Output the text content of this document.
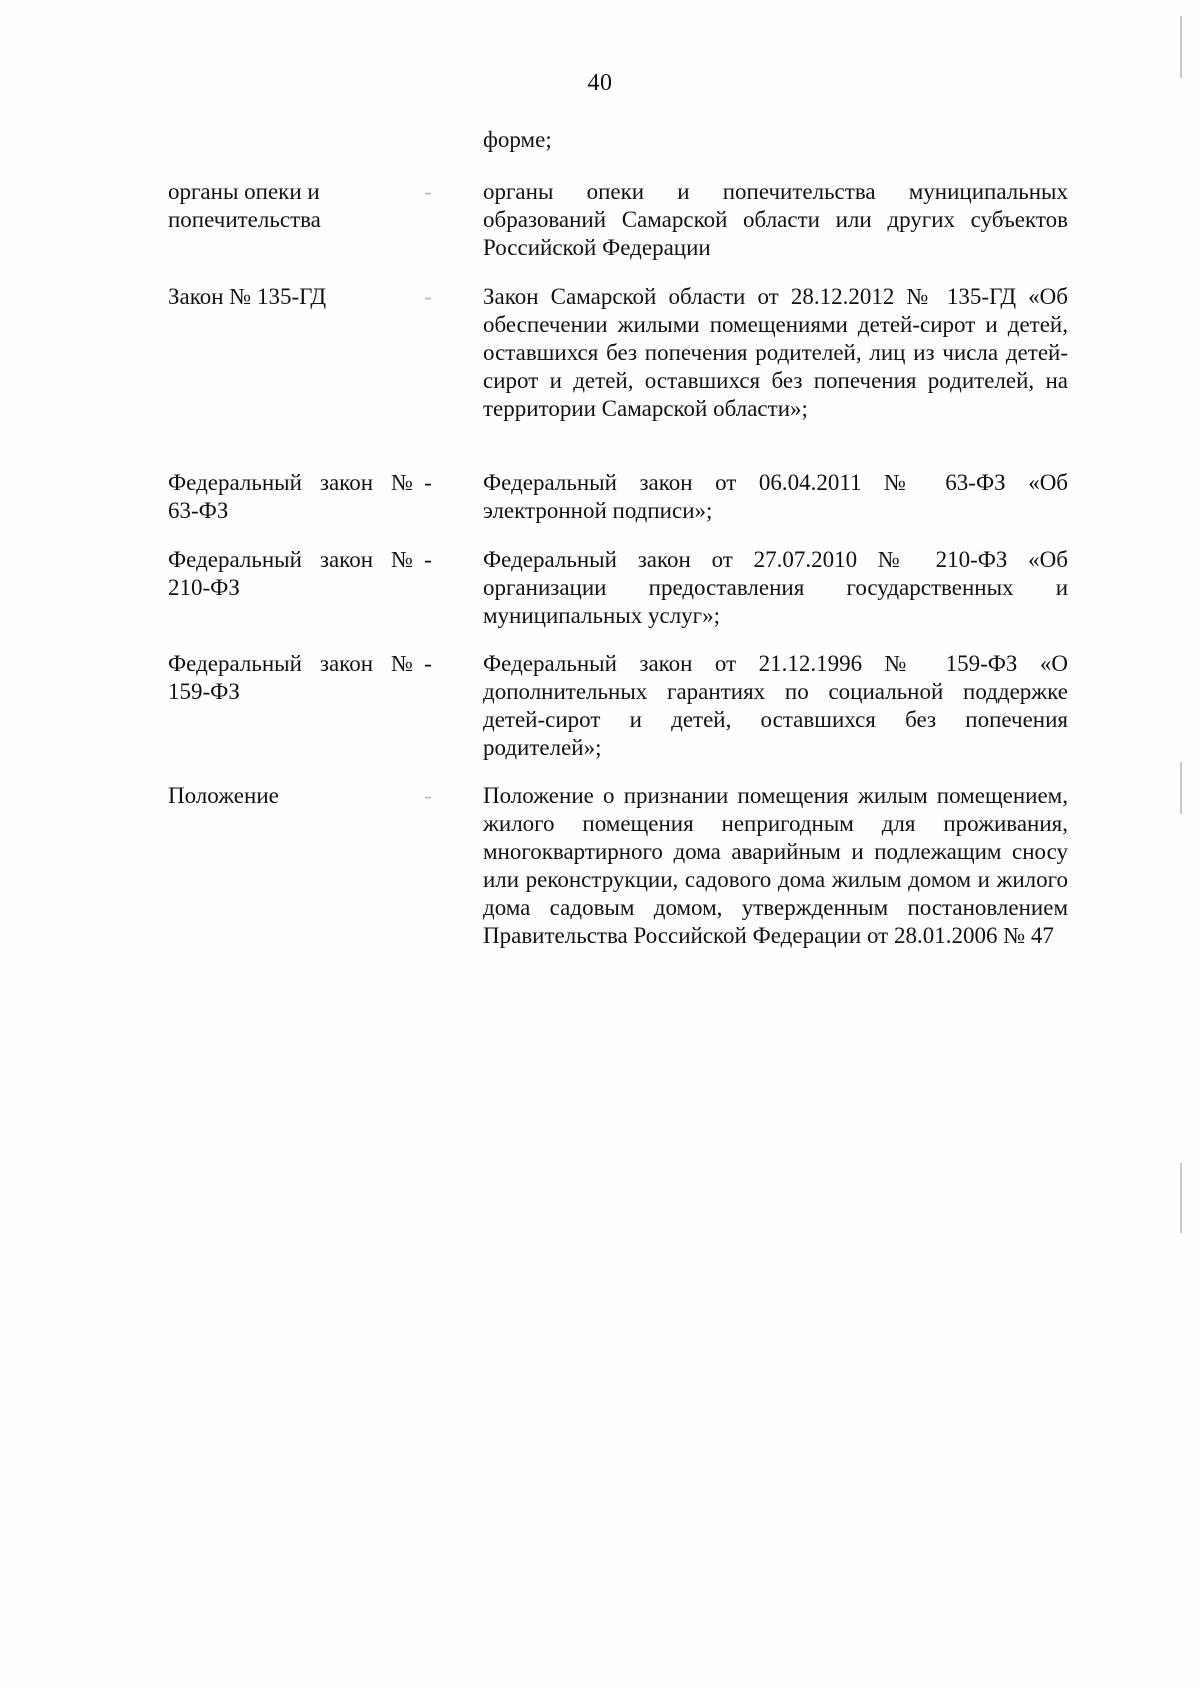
40
форме;
органы опеки и попечительства
- органы опеки и попечительства муниципальных образований Самарской области или других субъектов Российской Федерации
Закон № 135-ГД	- Закон Самарской области от 28.12.2012 № 135-ГД «Об обеспечении жилыми помещениями детей-сирот и детей, оставшихся без попечения родителей, лиц из числа детей-сирот и детей, оставшихся без попечения родителей, на территории Самарской области»;
Федеральный закон № 63-ФЗ
- Федеральный закон от 06.04.2011 № 63-ФЗ «Об электронной подписи»;
Федеральный закон № 210-ФЗ
- Федеральный закон от 27.07.2010 № 210-ФЗ «Об организации предоставления государственных и муниципальных услуг»;
Федеральный закон № 159-ФЗ
- Федеральный закон от 21.12.1996 № 159-ФЗ «О дополнительных гарантиях по социальной поддержке детей-сирот и детей, оставшихся без попечения родителей»;
Положение	- Положение о признании помещения жилым помещением, жилого помещения непригодным для проживания, многоквартирного дома аварийным и подлежащим сносу или реконструкции, садового дома жилым домом и жилого дома садовым домом, утвержденным постановлением Правительства Российской Федерации от 28.01.2006 № 47
